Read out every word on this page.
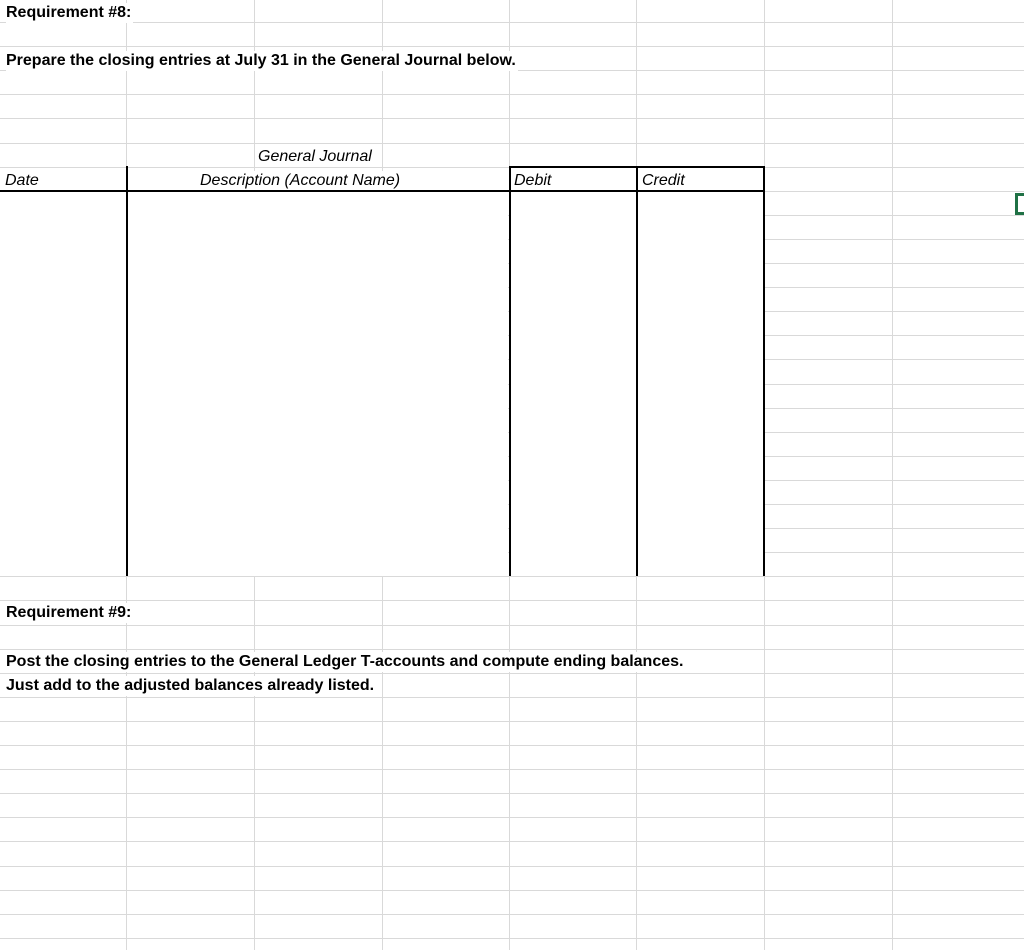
Requirement #8:
Prepare the closing entries at July 31 in the General Journal below.
General Journal
Date	Description (Account Name)	Debit	Credit
Requirement #9:
Post the closing entries to the General Ledger T-accounts and compute ending balances.
Just add to the adjusted balances already listed.
